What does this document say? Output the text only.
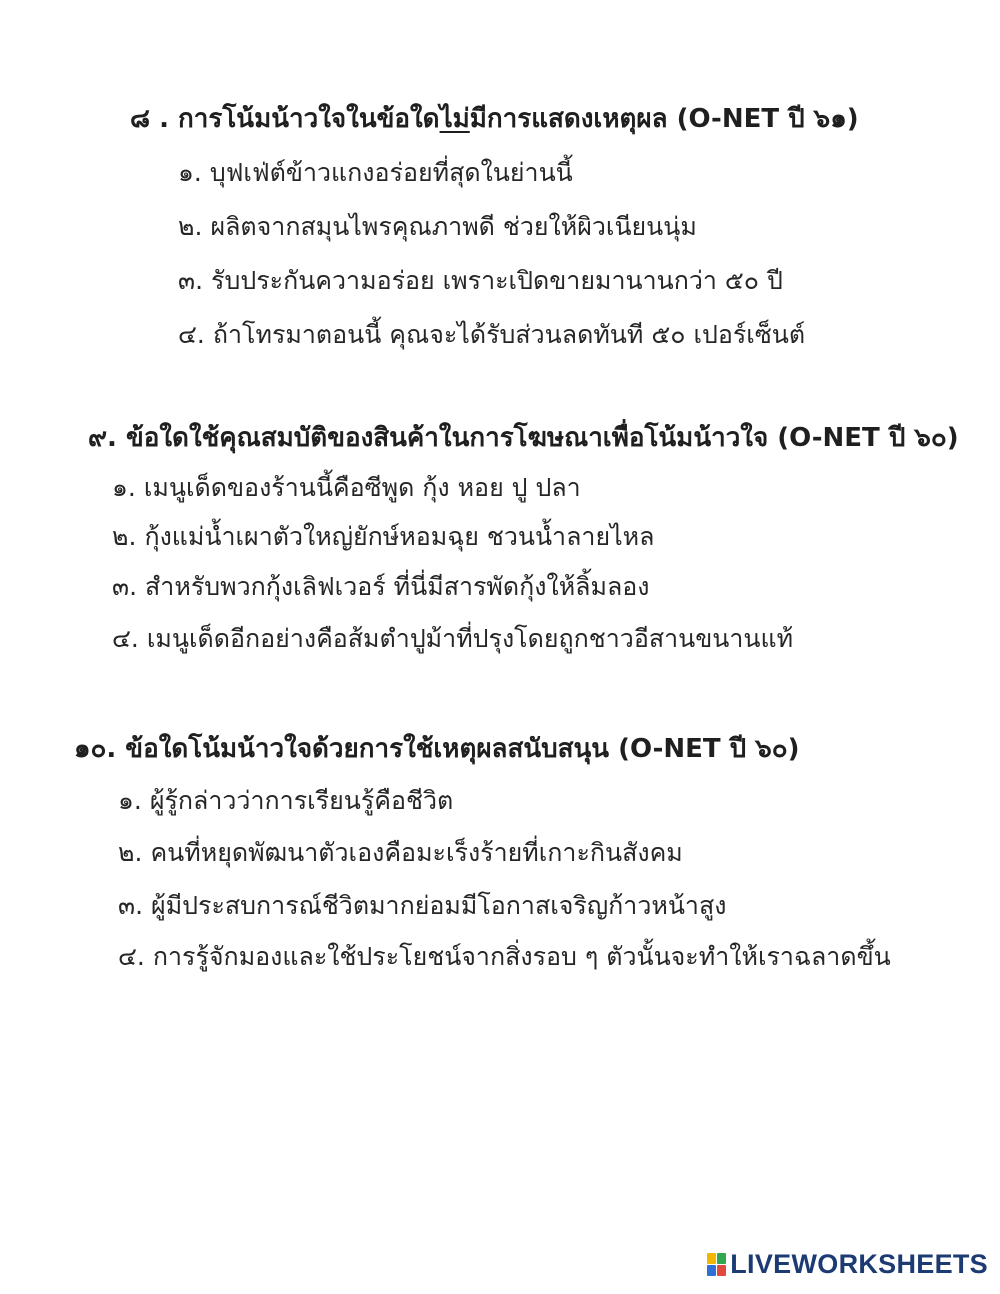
๘ . การโน้มน้าวใจในข้อใดไม่มีการแสดงเหตุผล (O-NET ปี ๖๑)
๑. บุฟเฟ่ต์ข้าวแกงอร่อยที่สุดในย่านนี้
๒. ผลิตจากสมุนไพรคุณภาพดี ช่วยให้ผิวเนียนนุ่ม
๓. รับประกันความอร่อย เพราะเปิดขายมานานกว่า ๕๐ ปี
๔. ถ้าโทรมาตอนนี้ คุณจะได้รับส่วนลดทันที ๕๐ เปอร์เซ็นต์
๙. ข้อใดใช้คุณสมบัติของสินค้าในการโฆษณาเพื่อโน้มน้าวใจ (O-NET ปี ๖๐)
๑. เมนูเด็ดของร้านนี้คือซีพูด กุ้ง หอย ปู ปลา
๒. กุ้งแม่น้ำเผาตัวใหญ่ยักษ์หอมฉุย ชวนน้ำลายไหล
๓. สำหรับพวกกุ้งเลิฟเวอร์ ที่นี่มีสารพัดกุ้งให้ลิ้มลอง
๔. เมนูเด็ดอีกอย่างคือส้มตำปูม้าที่ปรุงโดยถูกชาวอีสานขนานแท้
๑๐. ข้อใดโน้มน้าวใจด้วยการใช้เหตุผลสนับสนุน (O-NET ปี ๖๐)
๑. ผู้รู้กล่าวว่าการเรียนรู้คือชีวิต
๒. คนที่หยุดพัฒนาตัวเองคือมะเร็งร้ายที่เกาะกินสังคม
๓. ผู้มีประสบการณ์ชีวิตมากย่อมมีโอกาสเจริญก้าวหน้าสูง
๔. การรู้จักมองและใช้ประโยชน์จากสิ่งรอบ ๆ ตัวนั้นจะทำให้เราฉลาดขึ้น
LIVEWORKSHEETS
